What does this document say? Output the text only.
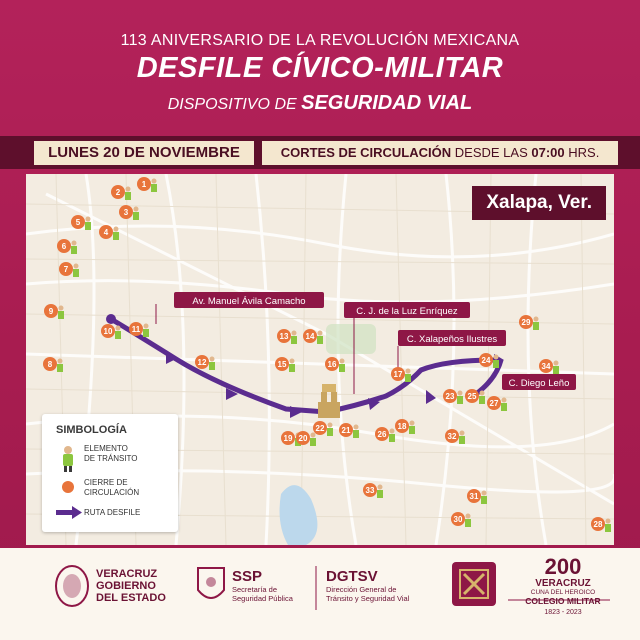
113 ANIVERSARIO DE LA REVOLUCIÓN MEXICANA
DESFILE CÍVICO-MILITAR
DISPOSITIVO DE SEGURIDAD VIAL
LUNES 20 DE NOVIEMBRE	CORTES DE CIRCULACIÓN DESDE LAS 07:00 HRS.
Av. Manuel Ávila Camacho
C. J. de la Luz Enríquez
C. Xalapeños Ilustres
C. Diego Leño
1
2
3
4
5
6
7
8
9
10 11
12
13 14
15	16
17
18
19 20
21
22
23
24
25
26
27
28
29
30
31
32
33
34
Xalapa, Ver.
SIMBOLOGÍA
ELEMENTO
DE TRÁNSITO
CIERRE DE
CIRCULACIÓN
RUTA DESFILE
VERACRUZ
GOBIERNO
DEL ESTADO
SSP
Secretaría de
Seguridad Pública
DGTSV
Dirección General de
Tránsito y Seguridad Vial
200
VERACRUZ
CUNA DEL HEROICO
COLEGIO MILITAR
1823 - 2023
